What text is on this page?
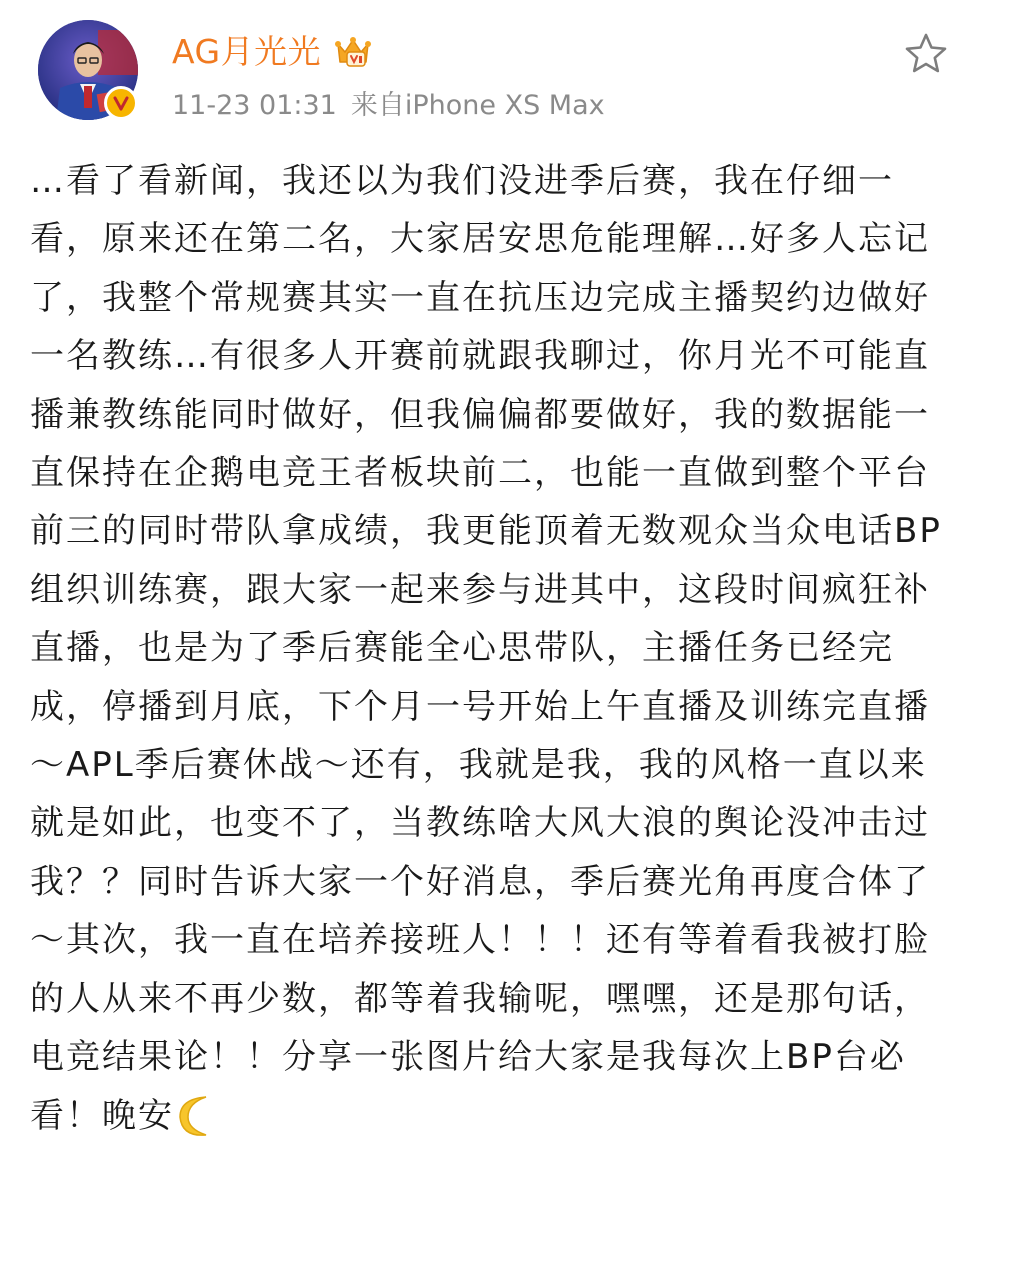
AG月光光
11-23 01:31 来自iPhone XS Max
…看了看新闻，我还以为我们没进季后赛，我在仔细一看，原来还在第二名，大家居安思危能理解…好多人忘记了，我整个常规赛其实一直在抗压边完成主播契约边做好一名教练…有很多人开赛前就跟我聊过，你月光不可能直播兼教练能同时做好，但我偏偏都要做好，我的数据能一直保持在企鹅电竞王者板块前二，也能一直做到整个平台前三的同时带队拿成绩，我更能顶着无数观众当众电话BP组织训练赛，跟大家一起来参与进其中，这段时间疯狂补直播，也是为了季后赛能全心思带队，主播任务已经完成，停播到月底，下个月一号开始上午直播及训练完直播～APL季后赛休战～还有，我就是我，我的风格一直以来就是如此，也变不了，当教练啥大风大浪的舆论没冲击过我？？同时告诉大家一个好消息，季后赛光角再度合体了～其次，我一直在培养接班人！！！还有等着看我被打脸的人从来不再少数，都等着我输呢，嘿嘿，还是那句话，电竞结果论！！分享一张图片给大家是我每次上BP台必看！晚安
